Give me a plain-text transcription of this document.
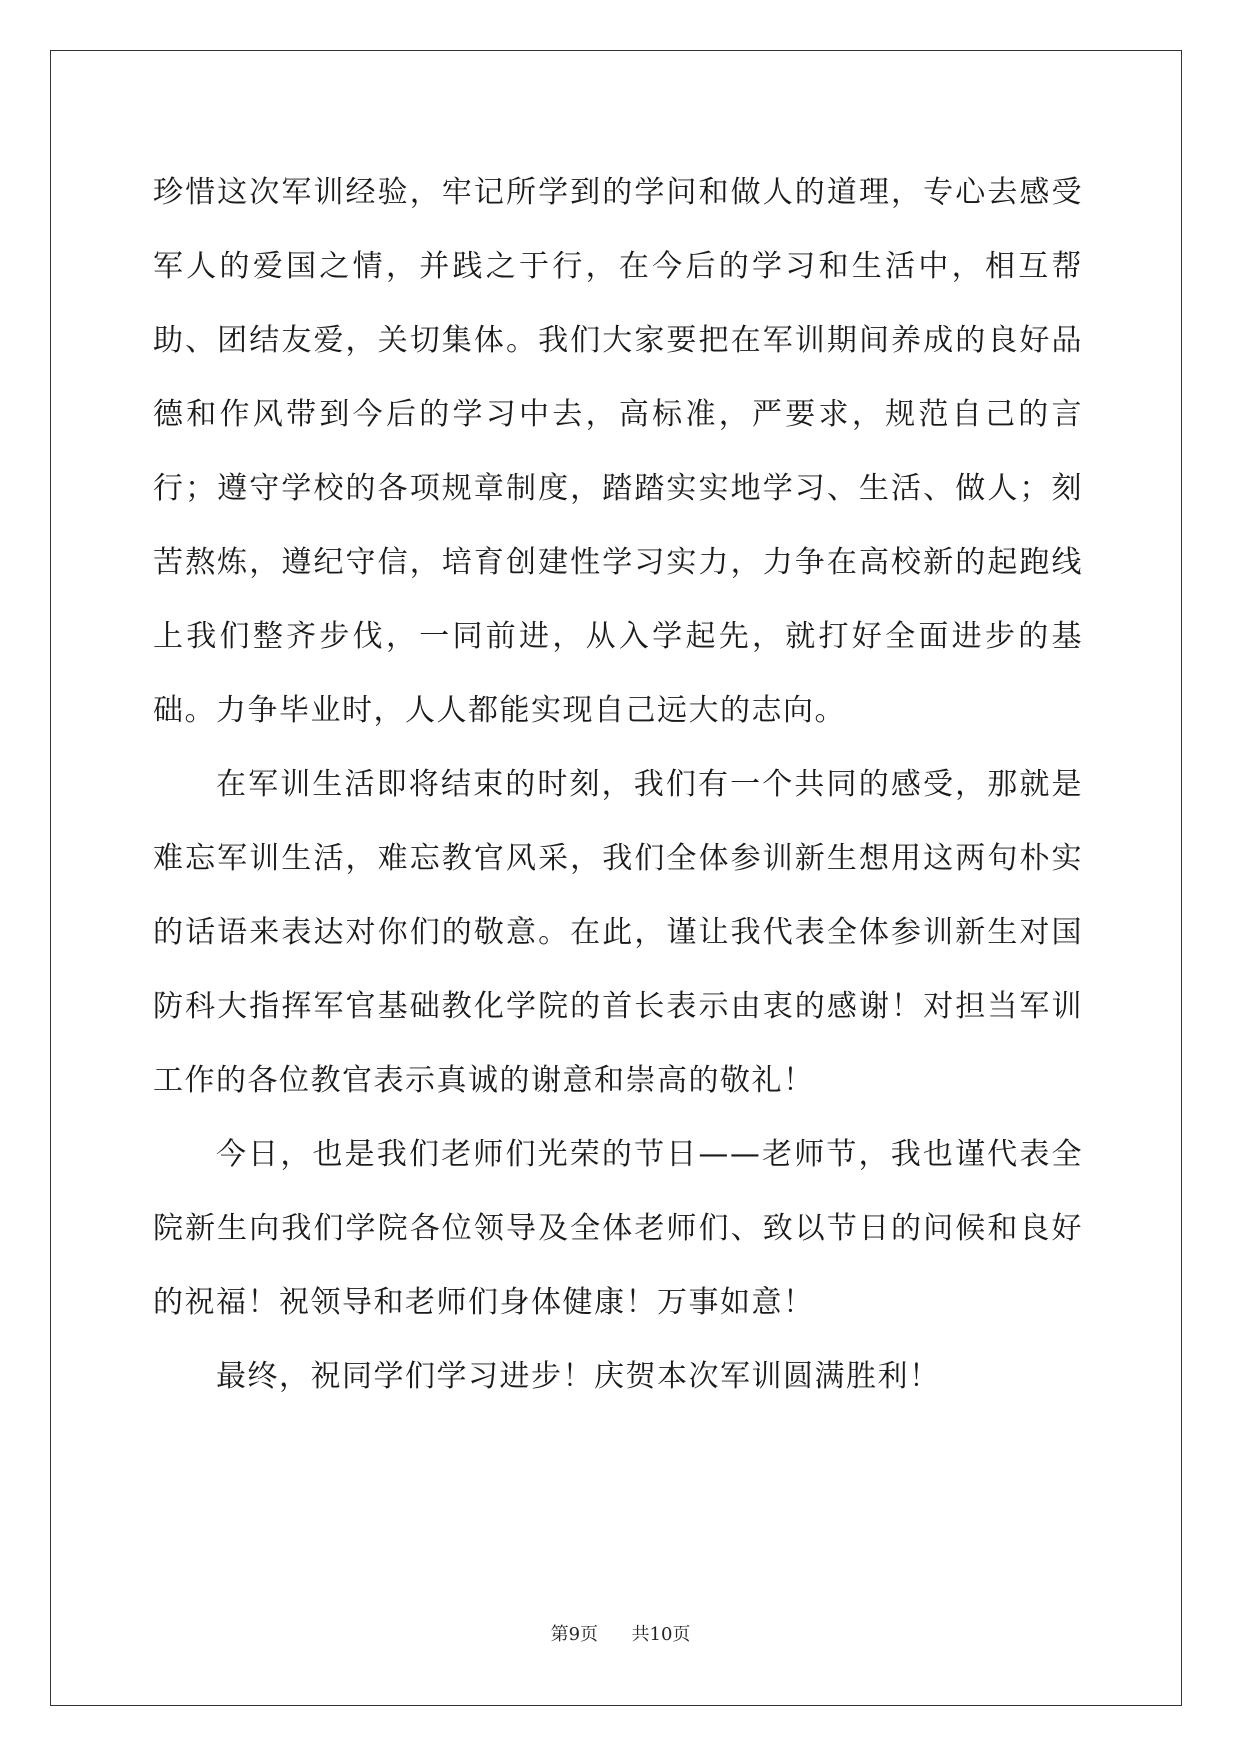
珍惜这次军训经验，牢记所学到的学问和做人的道理，专心去感受军人的爱国之情，并践之于行，在今后的学习和生活中，相互帮助、团结友爱，关切集体。我们大家要把在军训期间养成的良好品德和作风带到今后的学习中去，高标准，严要求，规范自己的言行；遵守学校的各项规章制度，踏踏实实地学习、生活、做人；刻苦熬炼，遵纪守信，培育创建性学习实力，力争在高校新的起跑线上我们整齐步伐，一同前进，从入学起先，就打好全面进步的基础。力争毕业时，人人都能实现自己远大的志向。

在军训生活即将结束的时刻，我们有一个共同的感受，那就是难忘军训生活，难忘教官风采，我们全体参训新生想用这两句朴实的话语来表达对你们的敬意。在此，谨让我代表全体参训新生对国防科大指挥军官基础教化学院的首长表示由衷的感谢！对担当军训工作的各位教官表示真诚的谢意和崇高的敬礼！

今日，也是我们老师们光荣的节日——老师节，我也谨代表全院新生向我们学院各位领导及全体老师们、致以节日的问候和良好的祝福！祝领导和老师们身体健康！万事如意！

最终，祝同学们学习进步！庆贺本次军训圆满胜利！

第9页 共10页
